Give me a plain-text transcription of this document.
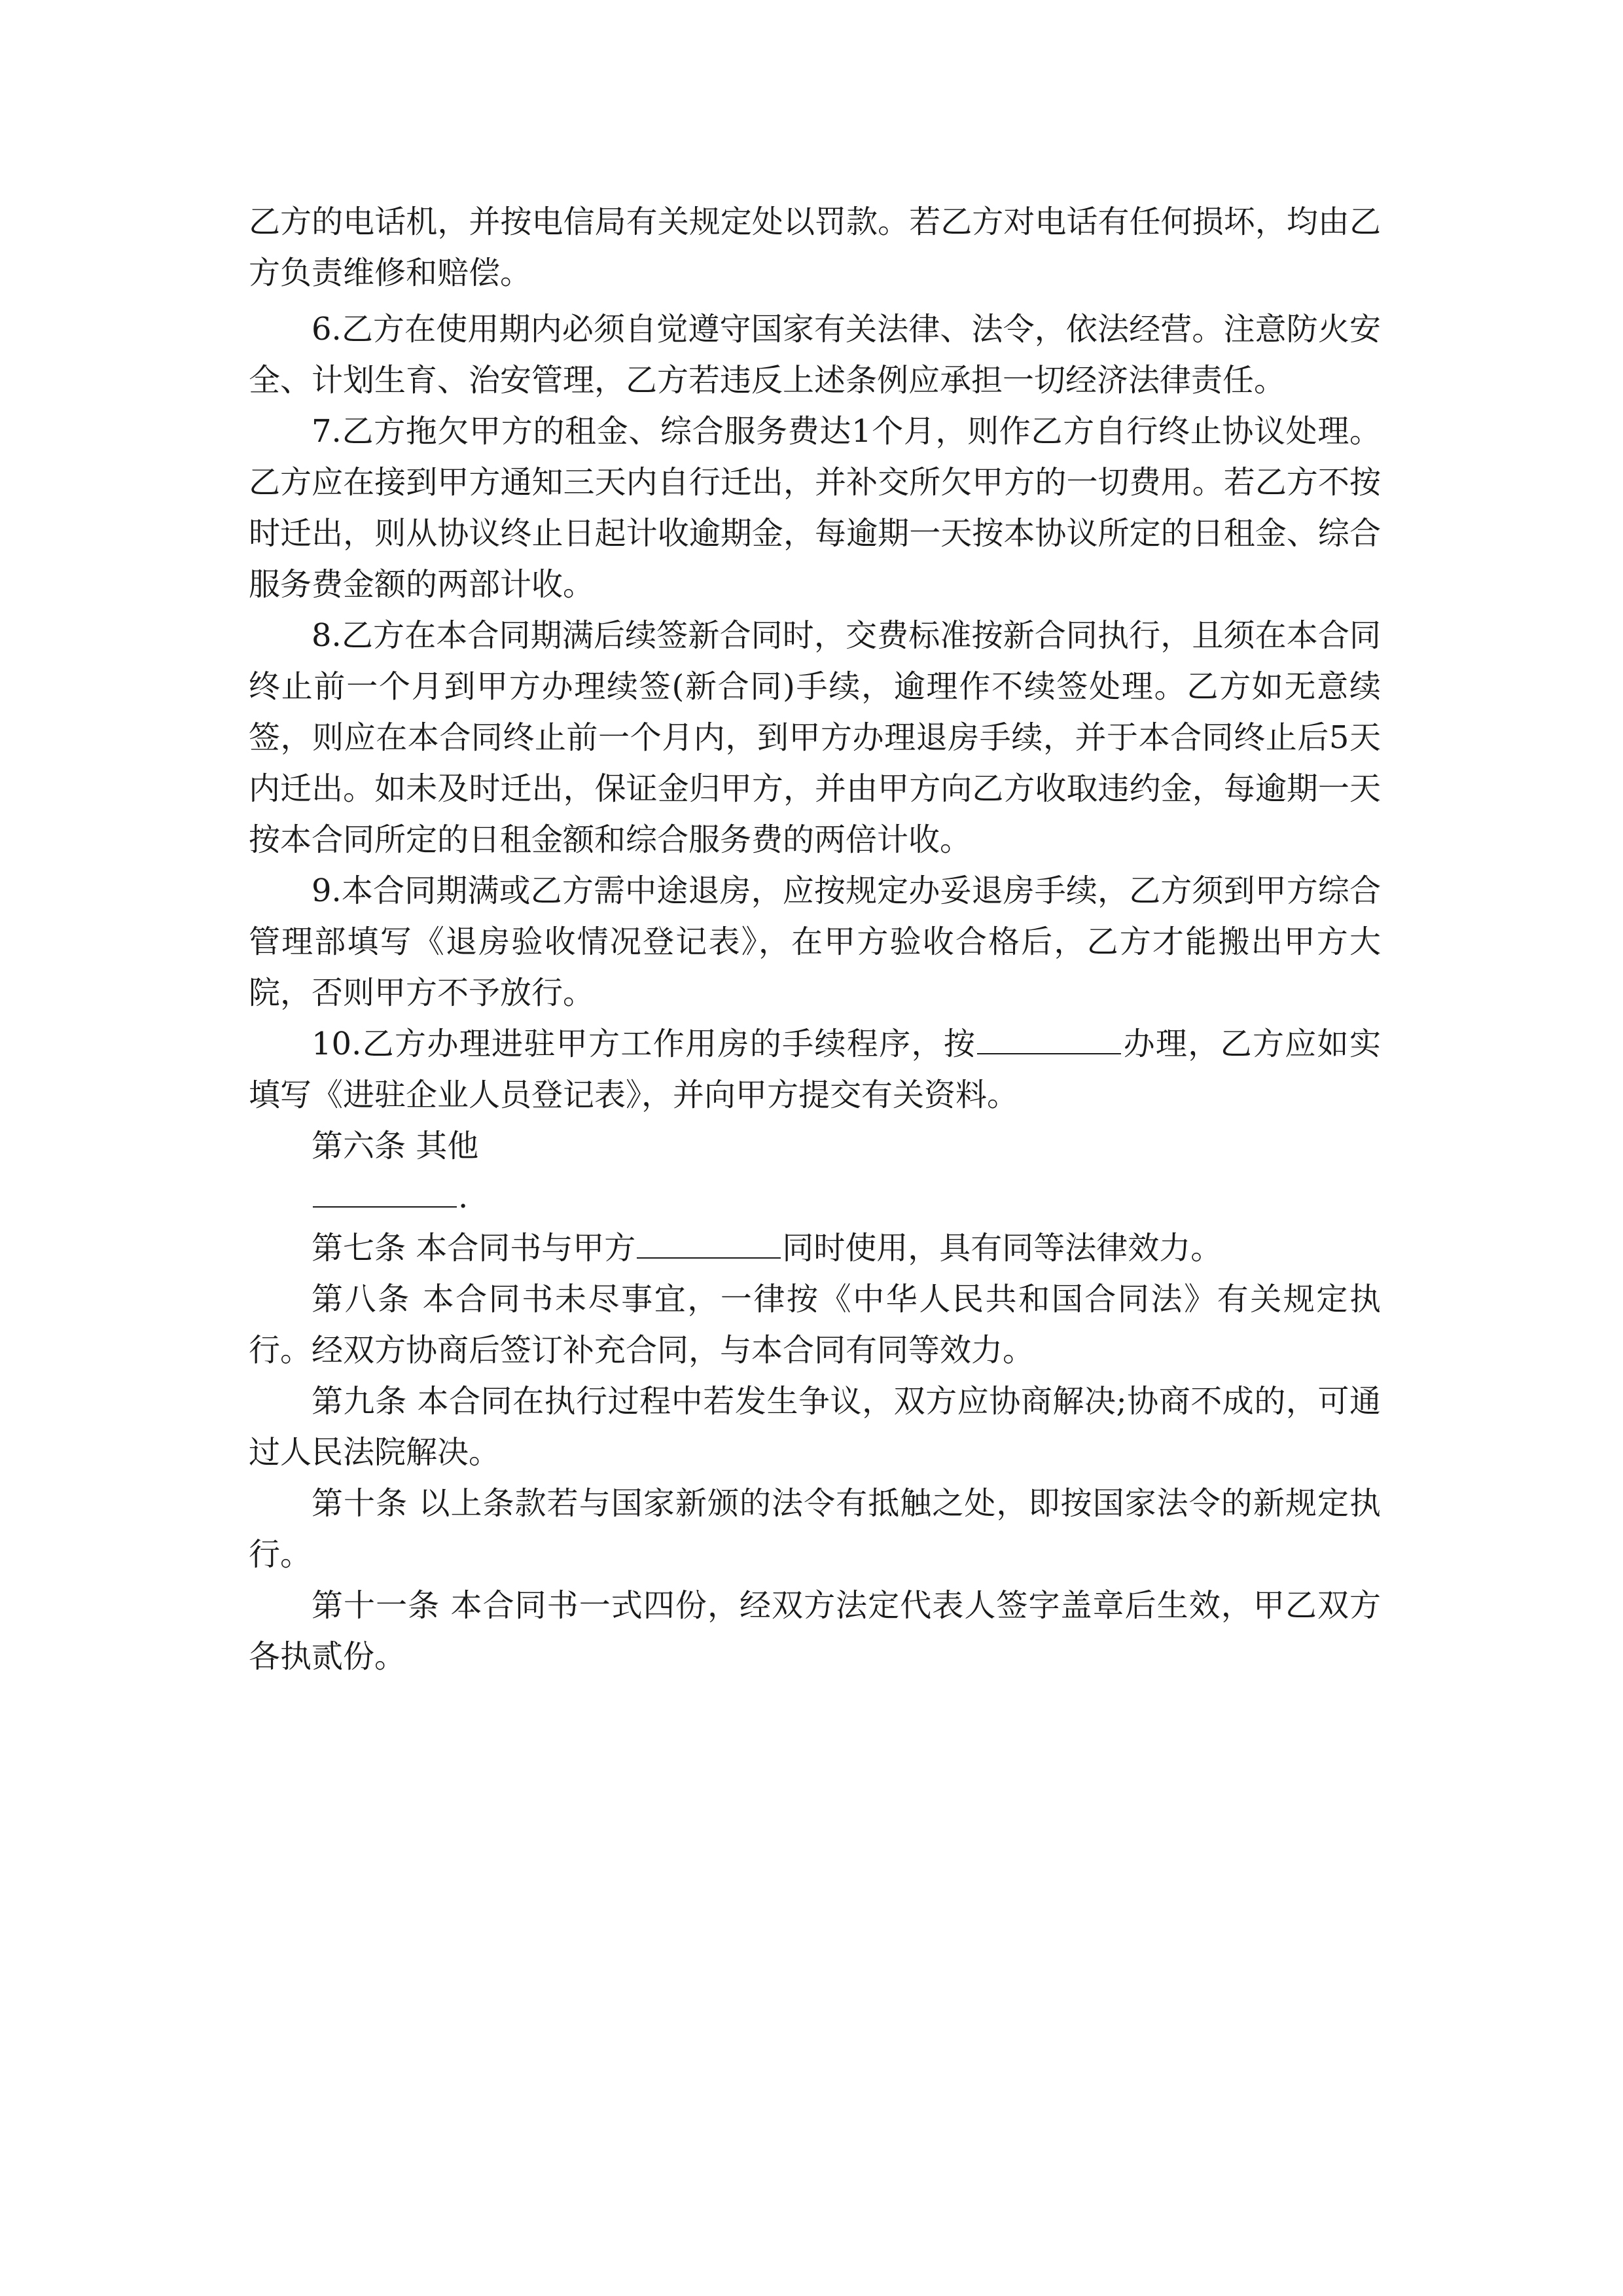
乙方的电话机，并按电信局有关规定处以罚款。若乙方对电话有任何损坏，均由乙方负责维修和赔偿。

6.乙方在使用期内必须自觉遵守国家有关法律、法令，依法经营。注意防火安全、计划生育、治安管理，乙方若违反上述条例应承担一切经济法律责任。

7.乙方拖欠甲方的租金、综合服务费达1个月，则作乙方自行终止协议处理。乙方应在接到甲方通知三天内自行迁出，并补交所欠甲方的一切费用。若乙方不按时迁出，则从协议终止日起计收逾期金，每逾期一天按本协议所定的日租金、综合服务费金额的两部计收。

8.乙方在本合同期满后续签新合同时，交费标准按新合同执行，且须在本合同终止前一个月到甲方办理续签(新合同)手续，逾理作不续签处理。乙方如无意续签，则应在本合同终止前一个月内，到甲方办理退房手续，并于本合同终止后5天内迁出。如未及时迁出，保证金归甲方，并由甲方向乙方收取违约金，每逾期一天按本合同所定的日租金额和综合服务费的两倍计收。

9.本合同期满或乙方需中途退房，应按规定办妥退房手续，乙方须到甲方综合管理部填写《退房验收情况登记表》，在甲方验收合格后，乙方才能搬出甲方大院，否则甲方不予放行。

10.乙方办理进驻甲方工作用房的手续程序，按	办理，乙方应如实填写《进驻企业人员登记表》，并向甲方提交有关资料。

第六条 其他

.

第七条 本合同书与甲方	同时使用，具有同等法律效力。

第八条 本合同书未尽事宜，一律按《中华人民共和国合同法》有关规定执行。经双方协商后签订补充合同，与本合同有同等效力。

第九条 本合同在执行过程中若发生争议，双方应协商解决;协商不成的，可通过人民法院解决。

第十条 以上条款若与国家新颁的法令有抵触之处，即按国家法令的新规定执行。

第十一条 本合同书一式四份，经双方法定代表人签字盖章后生效，甲乙双方各执贰份。
